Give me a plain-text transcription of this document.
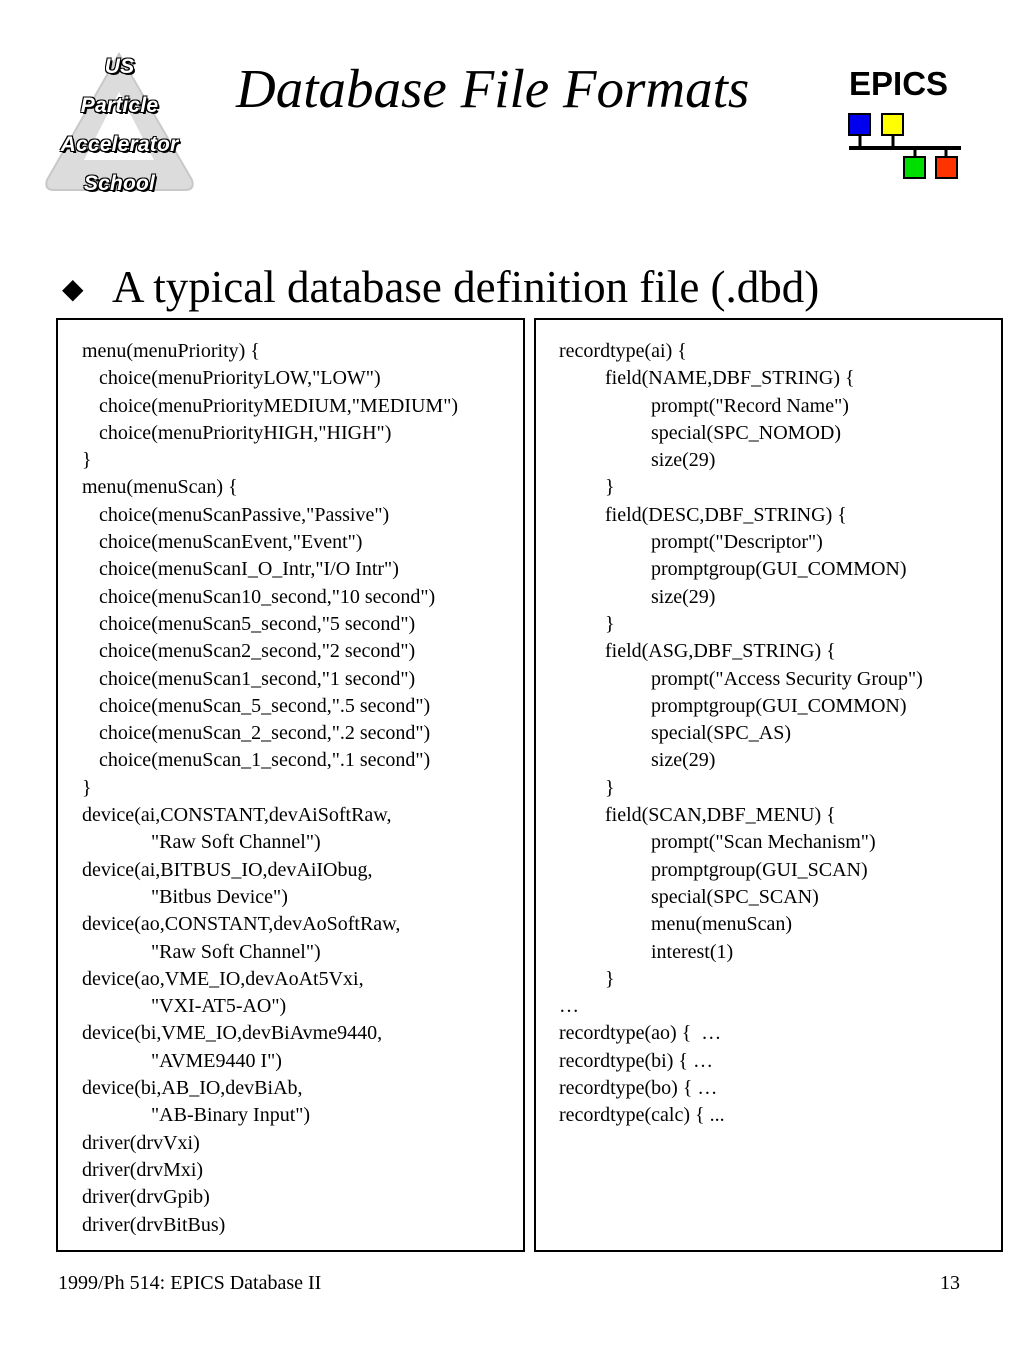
US
Particle
Accelerator
School
Database File Formats	EPICS
◆ A typical database definition file (.dbd)
menu(menuPriority) {
choice(menuPriorityLOW,"LOW")
choice(menuPriorityMEDIUM,"MEDIUM")
choice(menuPriorityHIGH,"HIGH")
}
menu(menuScan) {
choice(menuScanPassive,"Passive")
choice(menuScanEvent,"Event")
choice(menuScanI_O_Intr,"I/O Intr")
choice(menuScan10_second,"10 second")
choice(menuScan5_second,"5 second")
choice(menuScan2_second,"2 second")
choice(menuScan1_second,"1 second")
choice(menuScan_5_second,".5 second")
choice(menuScan_2_second,".2 second")
choice(menuScan_1_second,".1 second")
}
device(ai,CONSTANT,devAiSoftRaw,
"Raw Soft Channel")
device(ai,BITBUS_IO,devAiIObug,
"Bitbus Device")
device(ao,CONSTANT,devAoSoftRaw,
"Raw Soft Channel")
device(ao,VME_IO,devAoAt5Vxi,
"VXI-AT5-AO")
device(bi,VME_IO,devBiAvme9440,
"AVME9440 I")
device(bi,AB_IO,devBiAb,
"AB-Binary Input")
driver(drvVxi)
driver(drvMxi)
driver(drvGpib)
driver(drvBitBus)
recordtype(ai) {
field(NAME,DBF_STRING) {
prompt("Record Name")
special(SPC_NOMOD)
size(29)
}
field(DESC,DBF_STRING) {
prompt("Descriptor")
promptgroup(GUI_COMMON)
size(29)
}
field(ASG,DBF_STRING) {
prompt("Access Security Group")
promptgroup(GUI_COMMON)
special(SPC_AS)
size(29)
}
field(SCAN,DBF_MENU) {
prompt("Scan Mechanism")
promptgroup(GUI_SCAN)
special(SPC_SCAN)
menu(menuScan)
interest(1)
}
…
recordtype(ao) {  …
recordtype(bi) { …
recordtype(bo) { …
recordtype(calc) { ...
1999/Ph 514: EPICS Database II	13
